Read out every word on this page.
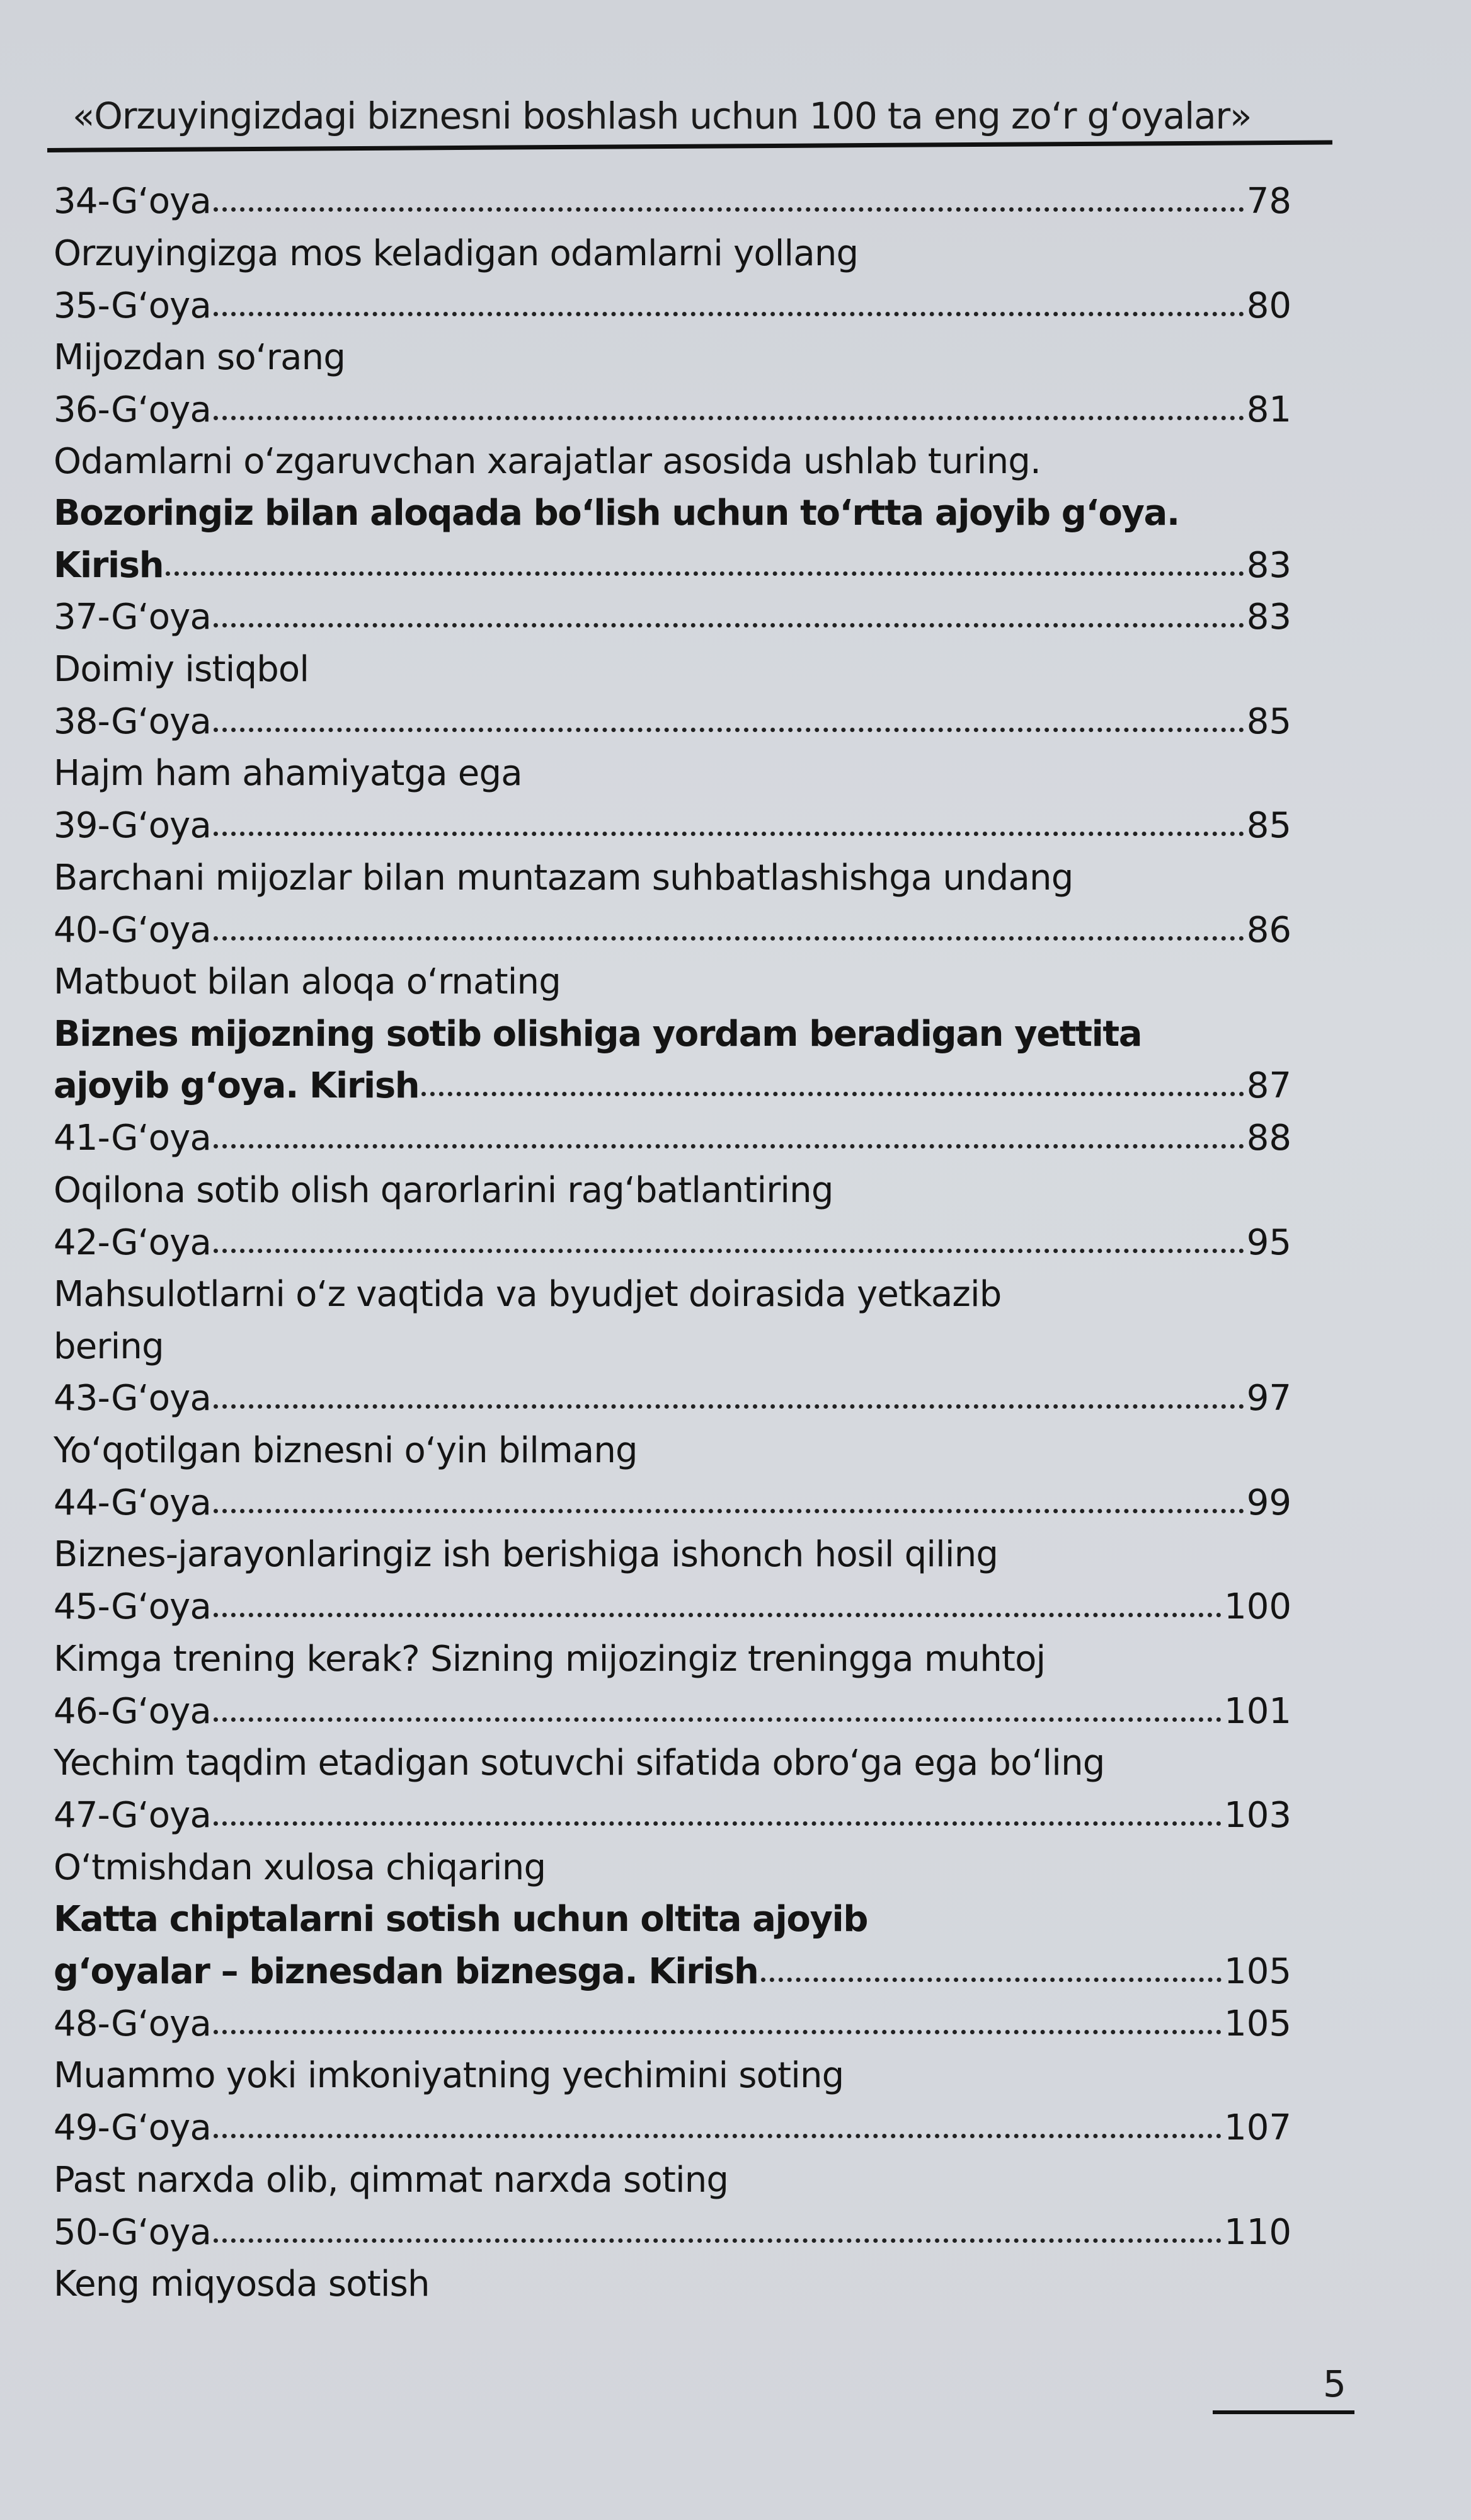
«Orzuyingizdagi biznesni boshlash uchun 100 ta eng zo‘r g‘oyalar»
34-G‘oya	78
Orzuyingizga mos keladigan odamlarni yollang
35-G‘oya	80
Mijozdan so‘rang
36-G‘oya	81
Odamlarni o‘zgaruvchan xarajatlar asosida ushlab turing.
Bozoringiz bilan aloqada bo‘lish uchun to‘rtta ajoyib g‘oya.
Kirish	83
37-G‘oya	83
Doimiy istiqbol
38-G‘oya	85
Hajm ham ahamiyatga ega
39-G‘oya	85
Barchani mijozlar bilan muntazam suhbatlashishga undang
40-G‘oya	86
Matbuot bilan aloqa o‘rnating
Biznes mijozning sotib olishiga yordam beradigan yettita
ajoyib g‘oya. Kirish	87
41-G‘oya	88
Oqilona sotib olish qarorlarini rag‘batlantiring
42-G‘oya	95
Mahsulotlarni o‘z vaqtida va byudjet doirasida yetkazib
bering
43-G‘oya	97
Yo‘qotilgan biznesni o‘yin bilmang
44-G‘oya	99
Biznes-jarayonlaringiz ish berishiga ishonch hosil qiling
45-G‘oya	100
Kimga trening kerak? Sizning mijozingiz treningga muhtoj
46-G‘oya	101
Yechim taqdim etadigan sotuvchi sifatida obro‘ga ega bo‘ling
47-G‘oya	103
O‘tmishdan xulosa chiqaring
Katta chiptalarni sotish uchun oltita ajoyib
g‘oyalar – biznesdan biznesga. Kirish	105
48-G‘oya	105
Muammo yoki imkoniyatning yechimini soting
49-G‘oya	107
Past narxda olib, qimmat narxda soting
50-G‘oya	110
Keng miqyosda sotish
5
